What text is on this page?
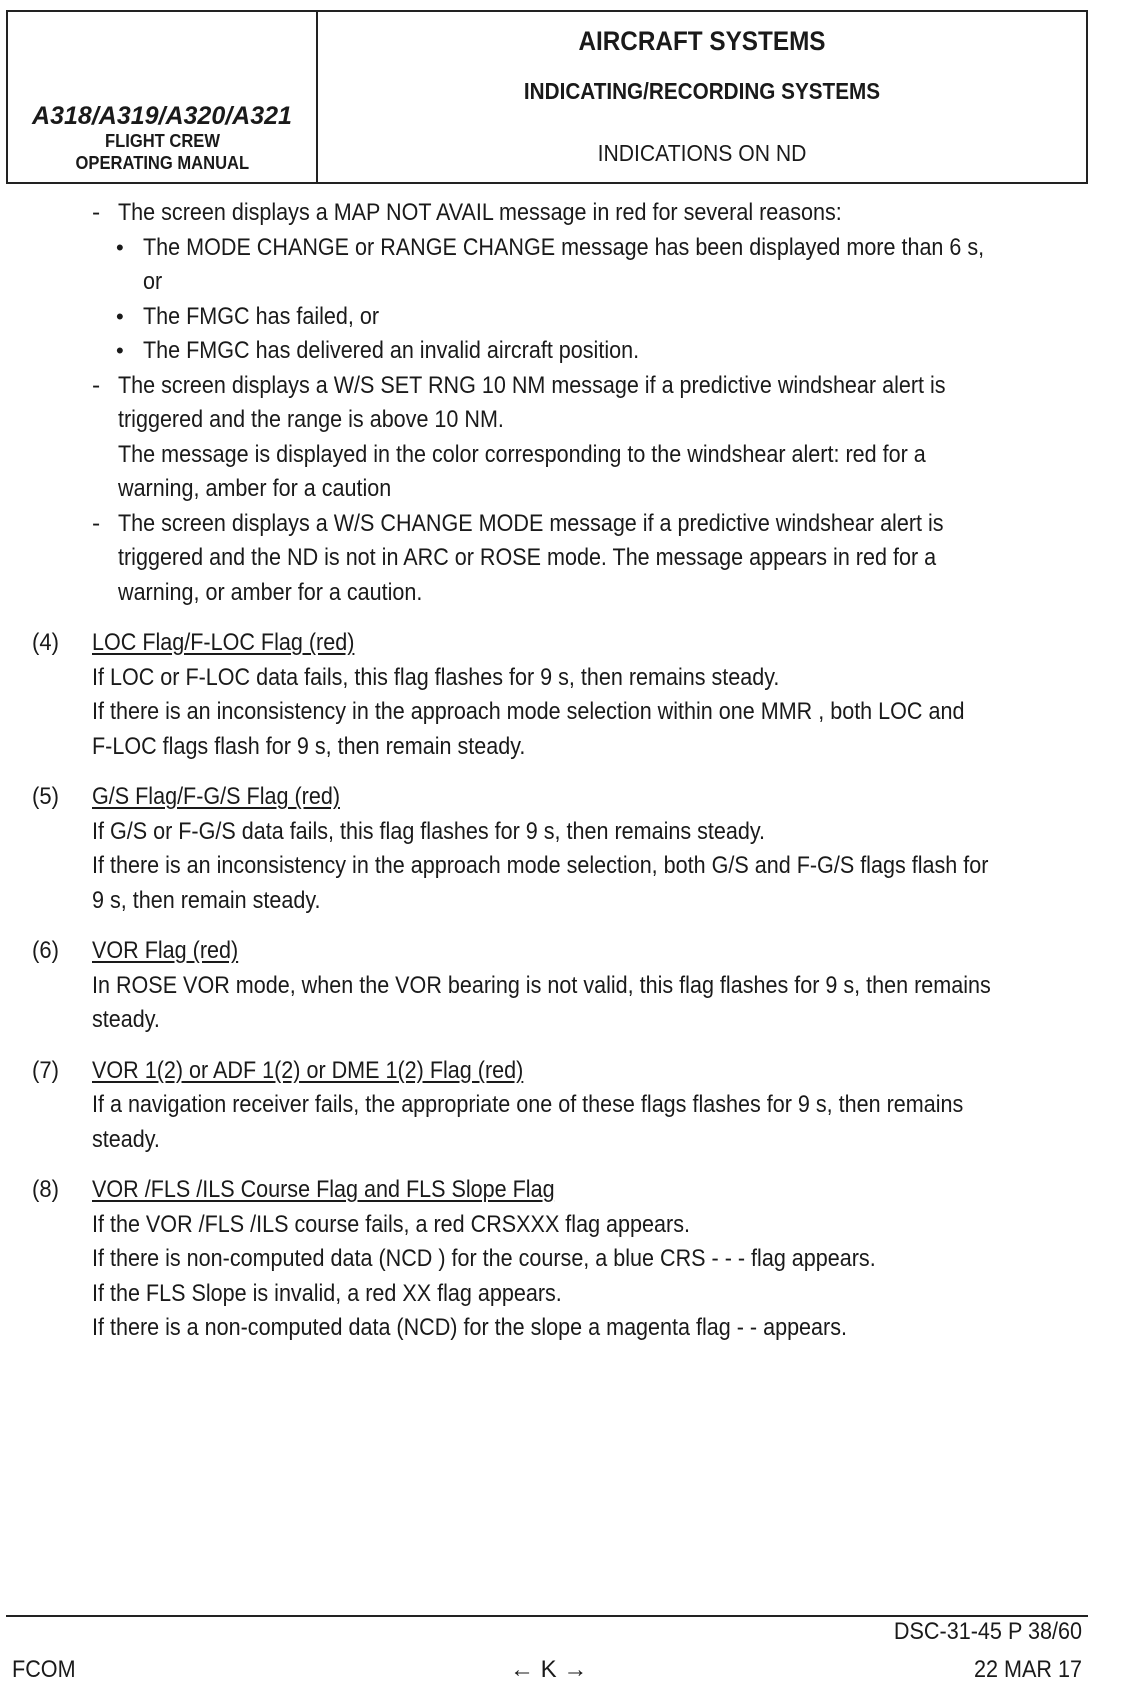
A318/A319/A320/A321
FLIGHT CREW
OPERATING MANUAL
AIRCRAFT SYSTEMS
INDICATING/RECORDING SYSTEMS
INDICATIONS ON ND
- The screen displays a MAP NOT AVAIL message in red for several reasons:
• The MODE CHANGE or RANGE CHANGE message has been displayed more than 6 s,
or
• The FMGC has failed, or
• The FMGC has delivered an invalid aircraft position.
- The screen displays a W/S SET RNG 10 NM message if a predictive windshear alert is
triggered and the range is above 10 NM.
The message is displayed in the color corresponding to the windshear alert: red for a
warning, amber for a caution
- The screen displays a W/S CHANGE MODE message if a predictive windshear alert is
triggered and the ND is not in ARC or ROSE mode. The message appears in red for a
warning, or amber for a caution.
(4) LOC Flag/F-LOC Flag (red)
If LOC or F-LOC data fails, this flag flashes for 9 s, then remains steady.
If there is an inconsistency in the approach mode selection within one MMR , both LOC and
F-LOC flags flash for 9 s, then remain steady.
(5) G/S Flag/F-G/S Flag (red)
If G/S or F-G/S data fails, this flag flashes for 9 s, then remains steady.
If there is an inconsistency in the approach mode selection, both G/S and F-G/S flags flash for
9 s, then remain steady.
(6) VOR Flag (red)
In ROSE VOR mode, when the VOR bearing is not valid, this flag flashes for 9 s, then remains
steady.
(7) VOR 1(2) or ADF 1(2) or DME 1(2) Flag (red)
If a navigation receiver fails, the appropriate one of these flags flashes for 9 s, then remains
steady.
(8) VOR /FLS /ILS Course Flag and FLS Slope Flag
If the VOR /FLS /ILS course fails, a red CRSXXX flag appears.
If there is non-computed data (NCD ) for the course, a blue CRS - - - flag appears.
If the FLS Slope is invalid, a red XX flag appears.
If there is a non-computed data (NCD) for the slope a magenta flag - - appears.
DSC-31-45 P 38/60
FCOM	← K →	22 MAR 17
